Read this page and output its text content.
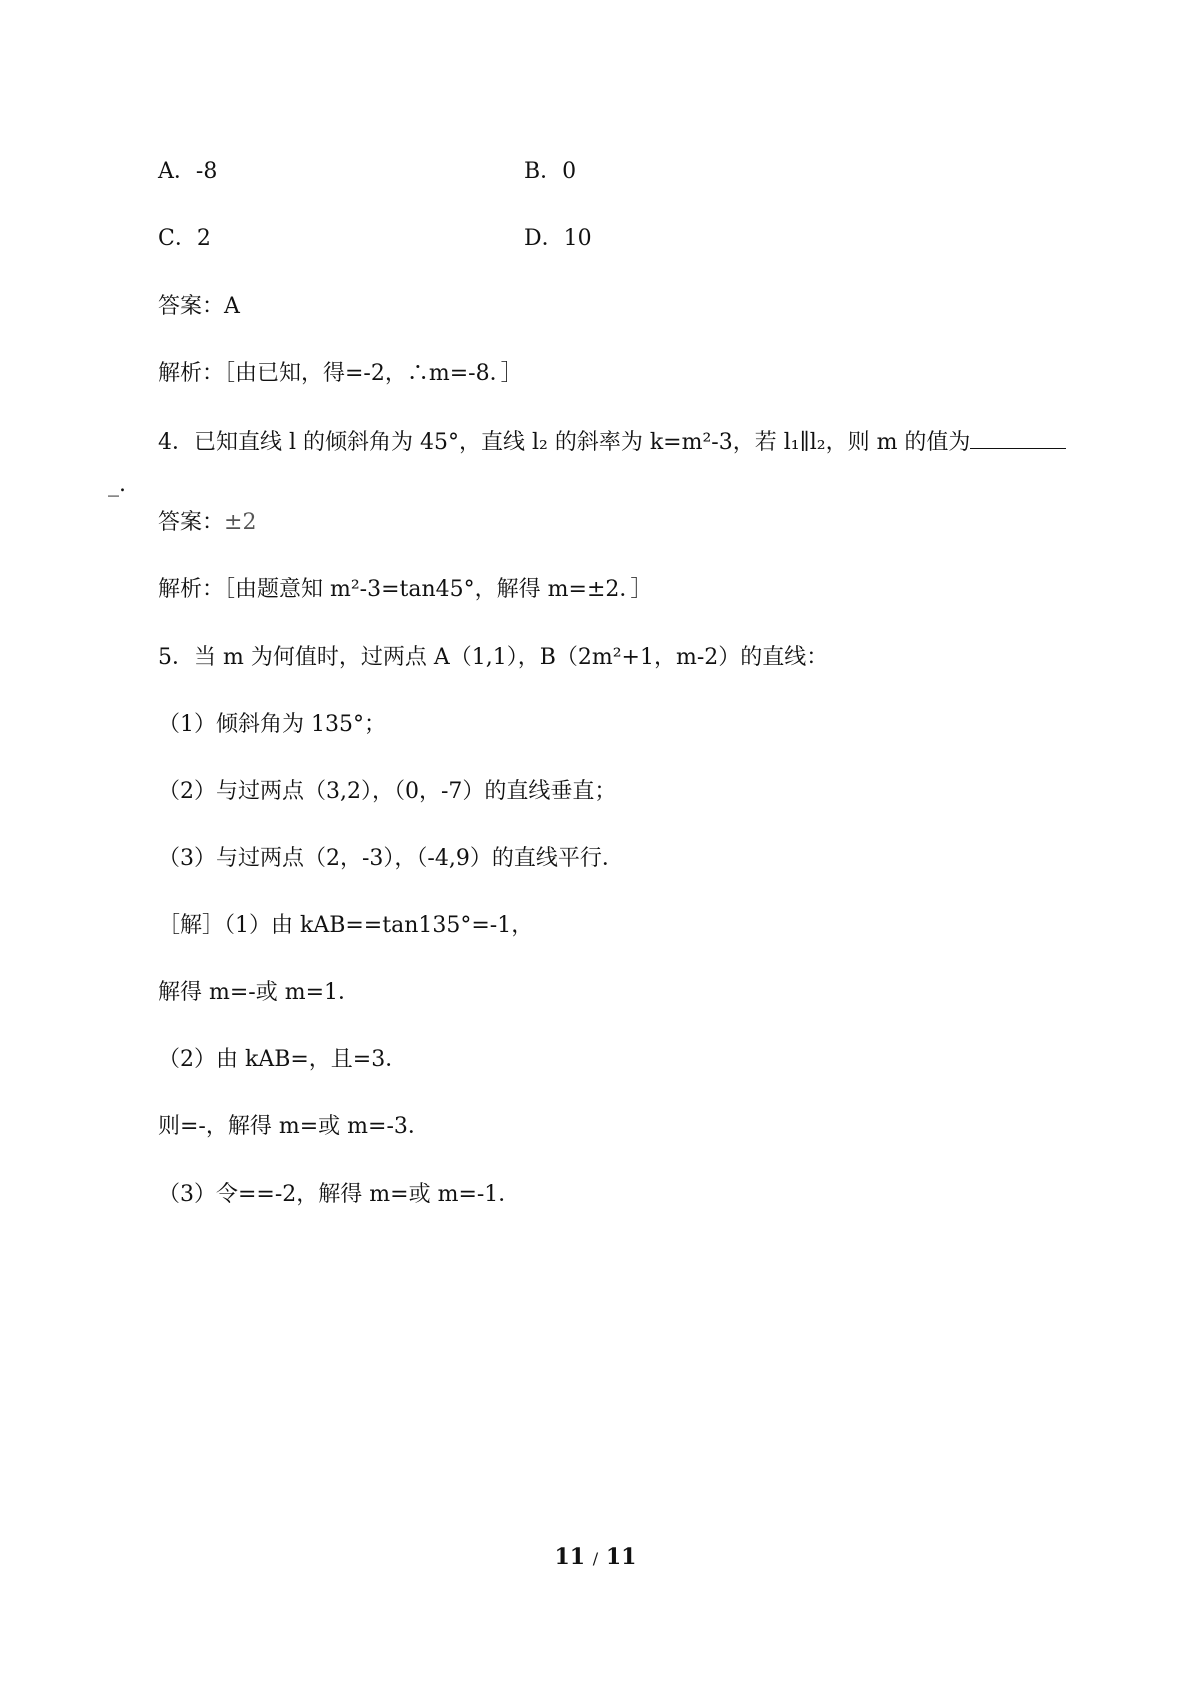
A．-8	B．0
C．2	D．10
答案：A
解析：［由已知，得=-2，∴m=-8．］
4．已知直线 l 的倾斜角为 45°，直线 l₂ 的斜率为 k=m²-3，若 l₁∥l₂，则 m 的值为
_.
答案：±2
解析：［由题意知 m²-3=tan45°，解得 m=±2．］
5．当 m 为何值时，过两点 A（1,1），B（2m²+1，m-2）的直线：
（1）倾斜角为 135°；
（2）与过两点（3,2），（0，-7）的直线垂直；
（3）与过两点（2，-3），（-4,9）的直线平行．
［解］（1）由 kAB==tan135°=-1，
解得 m=-或 m=1．
（2）由 kAB=，且=3．
则=-，解得 m=或 m=-3．
（3）令==-2，解得 m=或 m=-1．
11 / 11
